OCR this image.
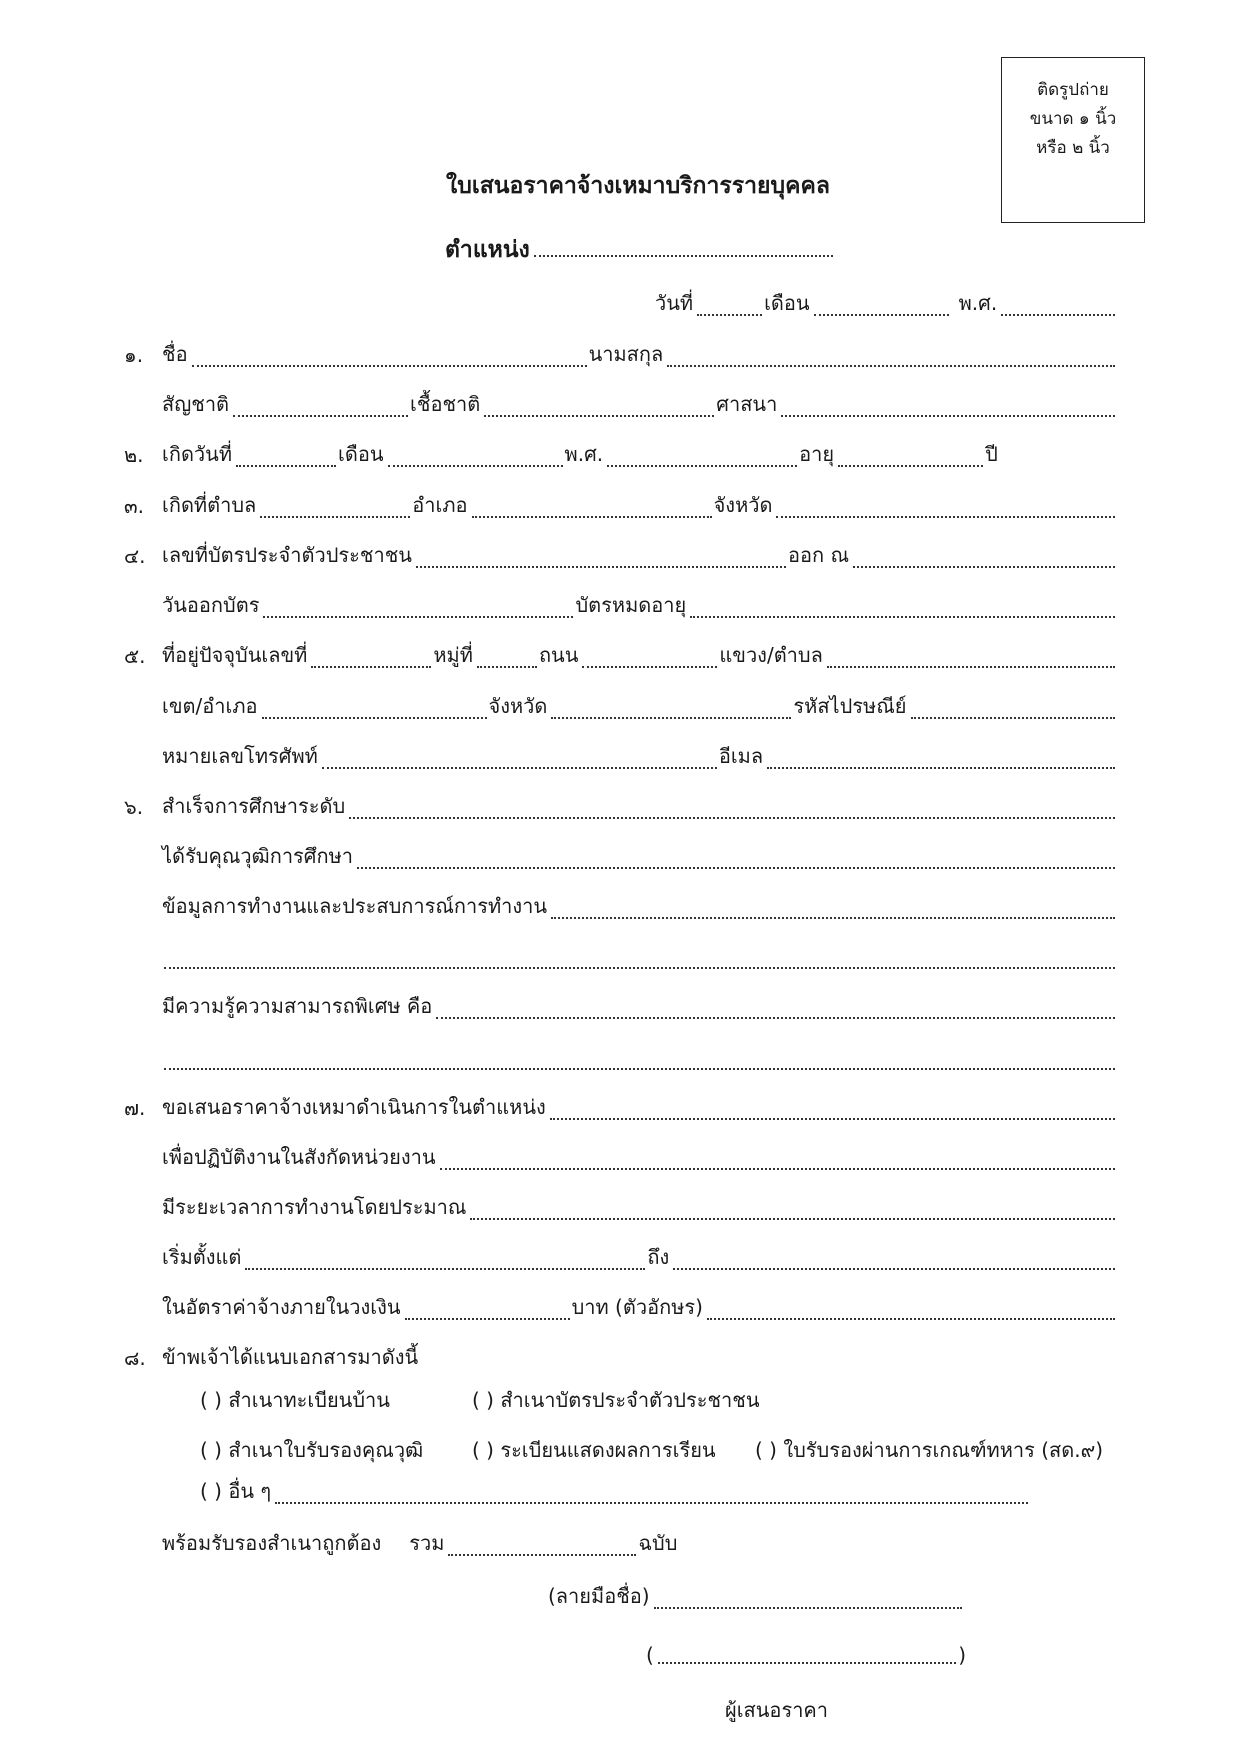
ติดรูปถ่าย
ขนาด ๑ นิ้ว
หรือ ๒ นิ้ว
ใบเสนอราคาจ้างเหมาบริการรายบุคคล
ตำแหน่ง
วันที่	เดือน	พ.ศ.
๑. ชื่อ	นามสกุล
สัญชาติ	เชื้อชาติ	ศาสนา
๒. เกิดวันที่	เดือน	พ.ศ.	อายุ	ปี
๓. เกิดที่ตำบล	อำเภอ	จังหวัด
๔. เลขที่บัตรประจำตัวประชาชน	ออก ณ
วันออกบัตร	บัตรหมดอายุ
๕. ที่อยู่ปัจจุบันเลขที่	หมู่ที่	ถนน	แขวง/ตำบล
เขต/อำเภอ	จังหวัด	รหัสไปรษณีย์
หมายเลขโทรศัพท์	อีเมล
๖. สำเร็จการศึกษาระดับ
ได้รับคุณวุฒิการศึกษา
ข้อมูลการทำงานและประสบการณ์การทำงาน
มีความรู้ความสามารถพิเศษ คือ
๗. ขอเสนอราคาจ้างเหมาดำเนินการในตำแหน่ง
เพื่อปฏิบัติงานในสังกัดหน่วยงาน
มีระยะเวลาการทำงานโดยประมาณ
เริ่มตั้งแต่	ถึง
ในอัตราค่าจ้างภายในวงเงิน	บาท (ตัวอักษร)
๘. ข้าพเจ้าได้แนบเอกสารมาดังนี้
( ) สำเนาทะเบียนบ้าน	( ) สำเนาบัตรประจำตัวประชาชน
( ) สำเนาใบรับรองคุณวุฒิ ( ) ระเบียนแสดงผลการเรียน ( ) ใบรับรองผ่านการเกณฑ์ทหาร (สด.๙)
( ) อื่น ๆ
พร้อมรับรองสำเนาถูกต้อง	รวม	ฉบับ
(ลายมือชื่อ)
(	)
ผู้เสนอราคา
